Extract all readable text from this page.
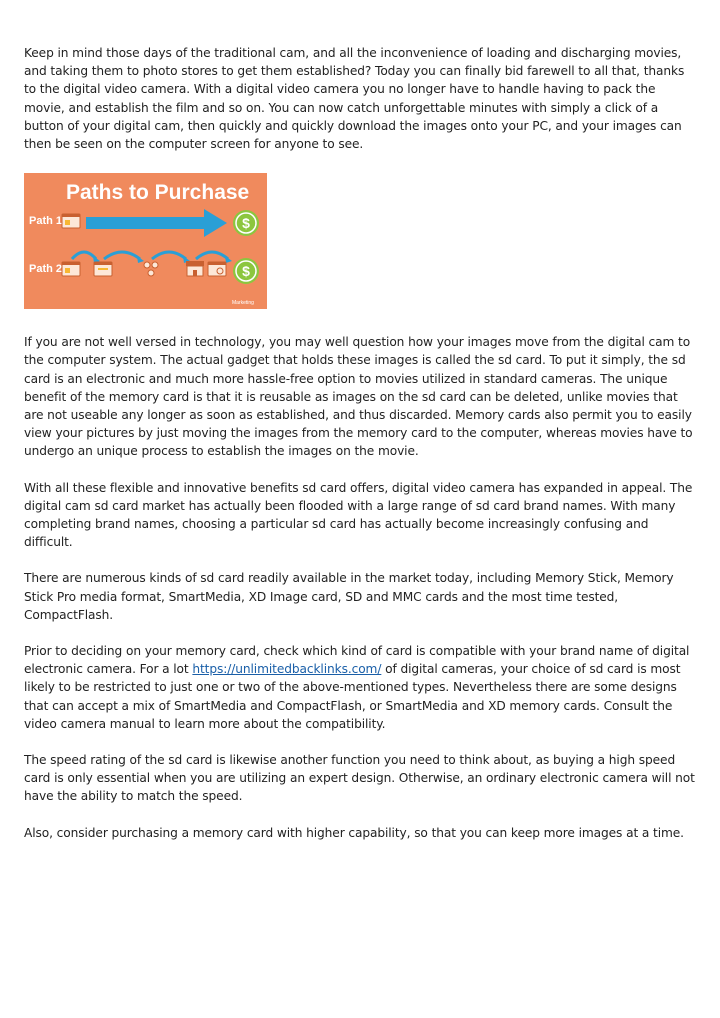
Keep in mind those days of the traditional cam, and all the inconvenience of loading and discharging movies, and taking them to photo stores to get them established? Today you can finally bid farewell to all that, thanks to the digital video camera. With a digital video camera you no longer have to handle having to pack the movie, and establish the film and so on. You can now catch unforgettable minutes with simply a click of a button of your digital cam, then quickly and quickly download the images onto your PC, and your images can then be seen on the computer screen for anyone to see.

Paths to Purchase
Path 1	$
Path 2	$
Marketing

If you are not well versed in technology, you may well question how your images move from the digital cam to the computer system. The actual gadget that holds these images is called the sd card. To put it simply, the sd card is an electronic and much more hassle-free option to movies utilized in standard cameras. The unique benefit of the memory card is that it is reusable as images on the sd card can be deleted, unlike movies that are not useable any longer as soon as established, and thus discarded. Memory cards also permit you to easily view your pictures by just moving the images from the memory card to the computer, whereas movies have to undergo an unique process to establish the images on the movie.

With all these flexible and innovative benefits sd card offers, digital video camera has expanded in appeal. The digital cam sd card market has actually been flooded with a large range of sd card brand names. With many completing brand names, choosing a particular sd card has actually become increasingly confusing and difficult.

There are numerous kinds of sd card readily available in the market today, including Memory Stick, Memory Stick Pro media format, SmartMedia, XD Image card, SD and MMC cards and the most time tested, CompactFlash.

Prior to deciding on your memory card, check which kind of card is compatible with your brand name of digital electronic camera. For a lot https://unlimitedbacklinks.com/ of digital cameras, your choice of sd card is most likely to be restricted to just one or two of the above-mentioned types. Nevertheless there are some designs that can accept a mix of SmartMedia and CompactFlash, or SmartMedia and XD memory cards. Consult the video camera manual to learn more about the compatibility.

The speed rating of the sd card is likewise another function you need to think about, as buying a high speed card is only essential when you are utilizing an expert design. Otherwise, an ordinary electronic camera will not have the ability to match the speed.

Also, consider purchasing a memory card with higher capability, so that you can keep more images at a time.
